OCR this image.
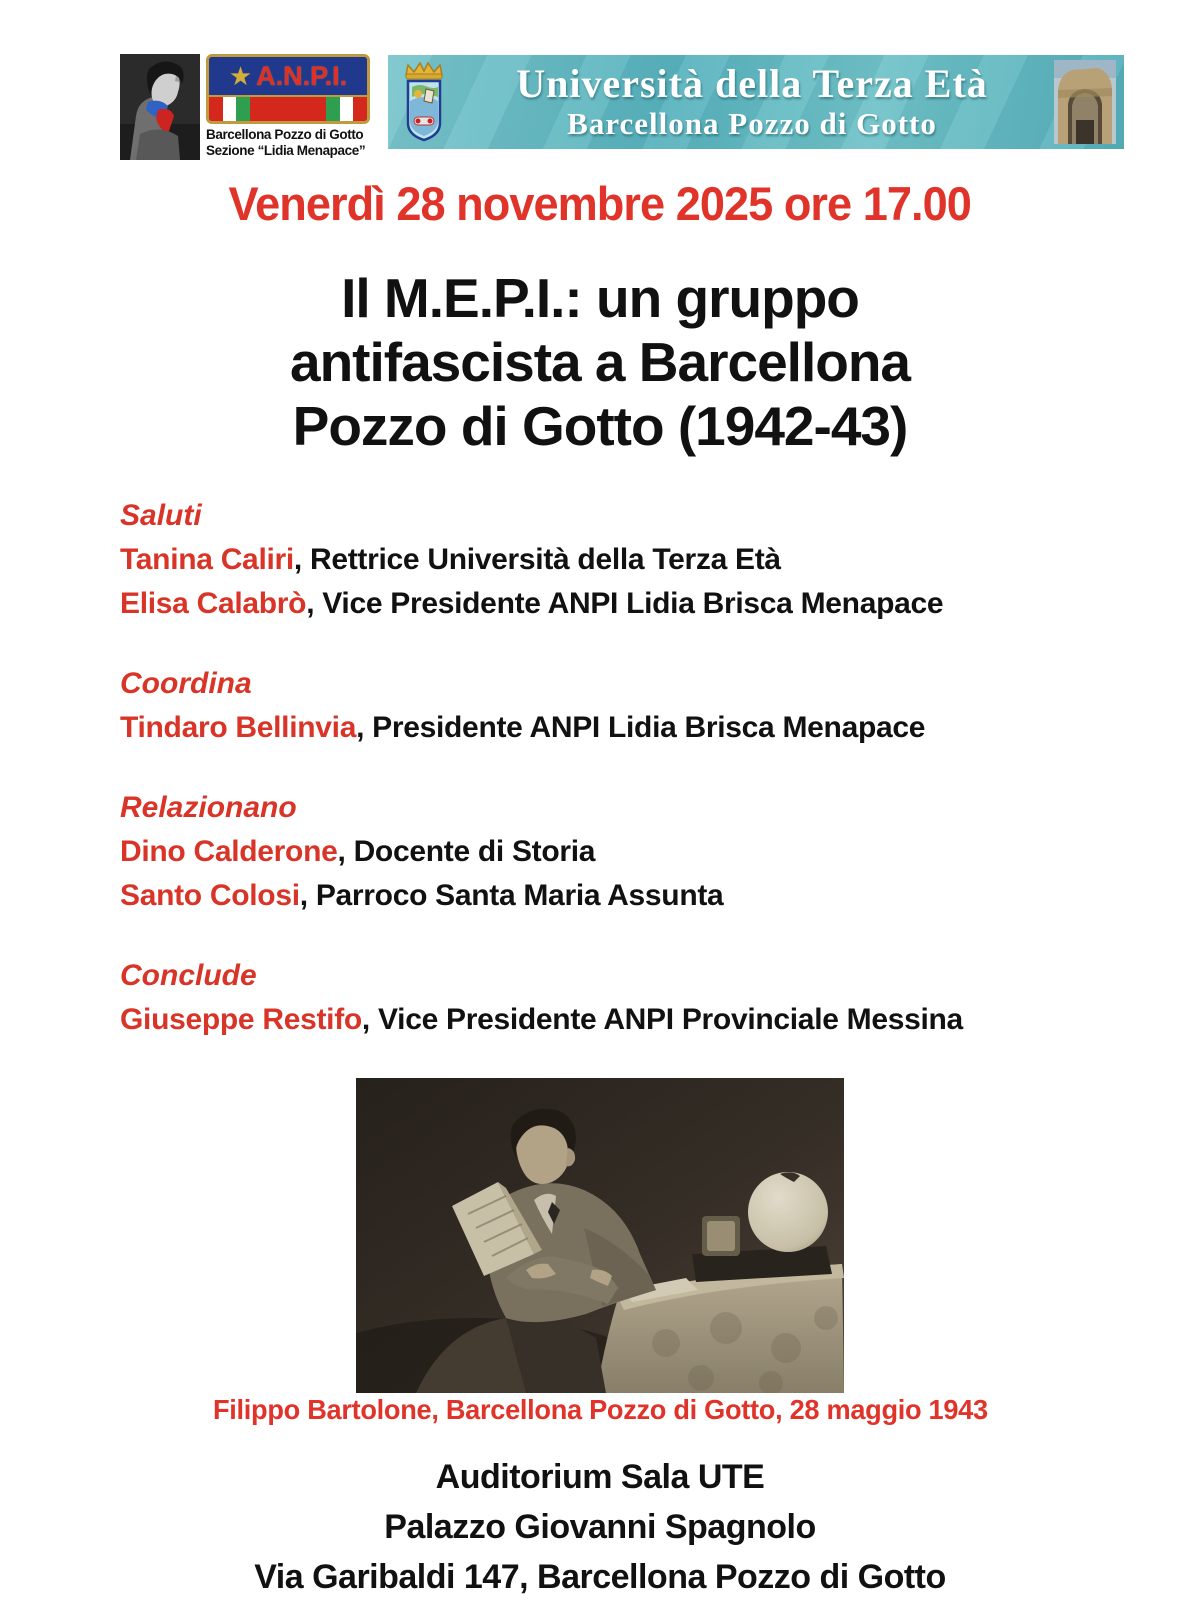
★ A.N.P.I.
Barcellona Pozzo di Gotto
Sezione “Lidia Menapace”
Università della Terza Età
Barcellona Pozzo di Gotto
Venerdì 28 novembre 2025 ore 17.00
Il M.E.P.I.: un gruppo
antifascista a Barcellona
Pozzo di Gotto (1942-43)
Saluti
Tanina Caliri, Rettrice Università della Terza Età
Elisa Calabrò, Vice Presidente ANPI Lidia Brisca Menapace
Coordina
Tindaro Bellinvia, Presidente ANPI Lidia Brisca Menapace
Relazionano
Dino Calderone, Docente di Storia
Santo Colosi, Parroco Santa Maria Assunta
Conclude
Giuseppe Restifo, Vice Presidente ANPI Provinciale Messina
Filippo Bartolone, Barcellona Pozzo di Gotto, 28 maggio 1943
Auditorium Sala UTE
Palazzo Giovanni Spagnolo
Via Garibaldi 147, Barcellona Pozzo di Gotto
